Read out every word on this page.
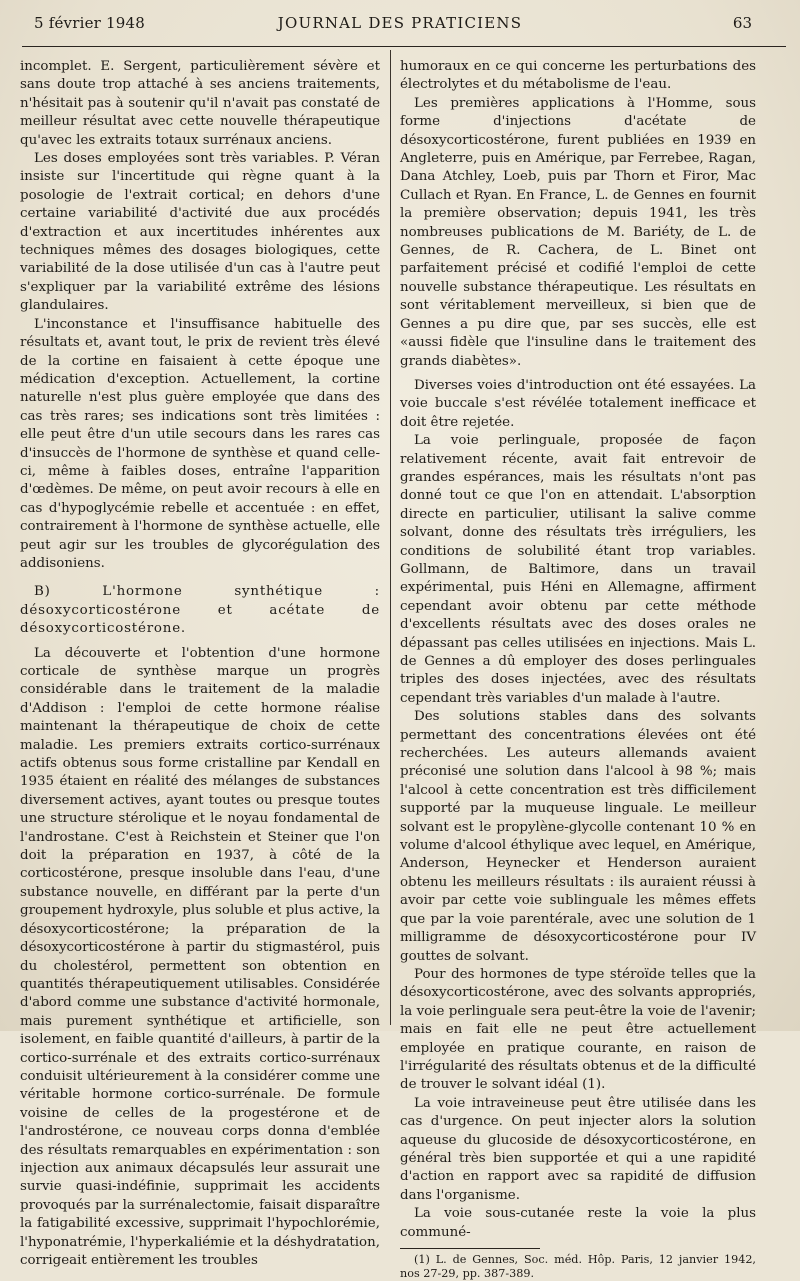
5 février 1948	JOURNAL DES PRATICIENS	63

incomplet. E. Sergent, particulièrement sévère et sans doute trop attaché à ses anciens traitements, n'hésitait pas à soutenir qu'il n'avait pas constaté de meilleur résultat avec cette nouvelle thérapeutique qu'avec les extraits totaux surrénaux anciens.

Les doses employées sont très variables. P. Véran insiste sur l'incertitude qui règne quant à la posologie de l'extrait cortical; en dehors d'une certaine variabilité d'activité due aux procédés d'extraction et aux incertitudes inhérentes aux techniques mêmes des dosages biologiques, cette variabilité de la dose utilisée d'un cas à l'autre peut s'expliquer par la variabilité extrême des lésions glandulaires.

L'inconstance et l'insuffisance habituelle des résultats et, avant tout, le prix de revient très élevé de la cortine en faisaient à cette époque une médication d'exception. Actuellement, la cortine naturelle n'est plus guère employée que dans des cas très rares; ses indications sont très limitées : elle peut être d'un utile secours dans les rares cas d'insuccès de l'hormone de synthèse et quand celle-ci, même à faibles doses, entraîne l'apparition d'œdèmes. De même, on peut avoir recours à elle en cas d'hypoglycémie rebelle et accentuée : en effet, contrairement à l'hormone de synthèse actuelle, elle peut agir sur les troubles de glycorégulation des addisoniens.

B) L'hormone synthétique : désoxycorticostérone et acétate de désoxycorticostérone.

La découverte et l'obtention d'une hormone corticale de synthèse marque un progrès considérable dans le traitement de la maladie d'Addison : l'emploi de cette hormone réalise maintenant la thérapeutique de choix de cette maladie. Les premiers extraits cortico-surrénaux actifs obtenus sous forme cristalline par Kendall en 1935 étaient en réalité des mélanges de substances diversement actives, ayant toutes ou presque toutes une structure stérolique et le noyau fondamental de l'androstane. C'est à Reichstein et Steiner que l'on doit la préparation en 1937, à côté de la corticostérone, presque insoluble dans l'eau, d'une substance nouvelle, en différant par la perte d'un groupement hydroxyle, plus soluble et plus active, la désoxycorticostérone; la préparation de la désoxycorticostérone à partir du stigmastérol, puis du cholestérol, permettent son obtention en quantités thérapeutiquement utilisables. Considérée d'abord comme une substance d'activité hormonale, mais purement synthétique et artificielle, son isolement, en faible quantité d'ailleurs, à partir de la cortico-surrénale et des extraits cortico-surrénaux conduisit ultérieurement à la considérer comme une véritable hormone cortico-surrénale. De formule voisine de celles de la progestérone et de l'androstérone, ce nouveau corps donna d'emblée des résultats remarquables en expérimentation : son injection aux animaux décapsulés leur assurait une survie quasi-indéfinie, supprimait les accidents provoqués par la surrénalectomie, faisait disparaître la fatigabilité excessive, supprimait l'hypochlorémie, l'hyponatrémie, l'hyperkaliémie et la déshydratation, corrigeait entièrement les troubles

humoraux en ce qui concerne les perturbations des électrolytes et du métabolisme de l'eau.

Les premières applications à l'Homme, sous forme d'injections d'acétate de désoxycorticostérone, furent publiées en 1939 en Angleterre, puis en Amérique, par Ferrebee, Ragan, Dana Atchley, Loeb, puis par Thorn et Firor, Mac Cullach et Ryan. En France, L. de Gennes en fournit la première observation; depuis 1941, les très nombreuses publications de M. Bariéty, de L. de Gennes, de R. Cachera, de L. Binet ont parfaitement précisé et codifié l'emploi de cette nouvelle substance thérapeutique. Les résultats en sont véritablement merveilleux, si bien que de Gennes a pu dire que, par ses succès, elle est «aussi fidèle que l'insuline dans le traitement des grands diabètes».

Diverses voies d'introduction ont été essayées. La voie buccale s'est révélée totalement inefficace et doit être rejetée.

La voie perlinguale, proposée de façon relativement récente, avait fait entrevoir de grandes espérances, mais les résultats n'ont pas donné tout ce que l'on en attendait. L'absorption directe en particulier, utilisant la salive comme solvant, donne des résultats très irréguliers, les conditions de solubilité étant trop variables. Gollmann, de Baltimore, dans un travail expérimental, puis Héni en Allemagne, affirment cependant avoir obtenu par cette méthode d'excellents résultats avec des doses orales ne dépassant pas celles utilisées en injections. Mais L. de Gennes a dû employer des doses perlinguales triples des doses injectées, avec des résultats cependant très variables d'un malade à l'autre.

Des solutions stables dans des solvants permettant des concentrations élevées ont été recherchées. Les auteurs allemands avaient préconisé une solution dans l'alcool à 98 %; mais l'alcool à cette concentration est très difficilement supporté par la muqueuse linguale. Le meilleur solvant est le propylène-glycolle contenant 10 % en volume d'alcool éthylique avec lequel, en Amérique, Anderson, Heynecker et Henderson auraient obtenu les meilleurs résultats : ils auraient réussi à avoir par cette voie sublinguale les mêmes effets que par la voie parentérale, avec une solution de 1 milligramme de désoxycorticostérone pour IV gouttes de solvant.

Pour des hormones de type stéroïde telles que la désoxycorticostérone, avec des solvants appropriés, la voie perlinguale sera peut-être la voie de l'avenir; mais en fait elle ne peut être actuellement employée en pratique courante, en raison de l'irrégularité des résultats obtenus et de la difficulté de trouver le solvant idéal (1).

La voie intraveineuse peut être utilisée dans les cas d'urgence. On peut injecter alors la solution aqueuse du glucoside de désoxycorticostérone, en général très bien supportée et qui a une rapidité d'action en rapport avec sa rapidité de diffusion dans l'organisme.

La voie sous-cutanée reste la voie la plus communé-

(1) L. de Gennes, Soc. méd. Hôp. Paris, 12 janvier 1942, nos 27-29, pp. 387-389.
